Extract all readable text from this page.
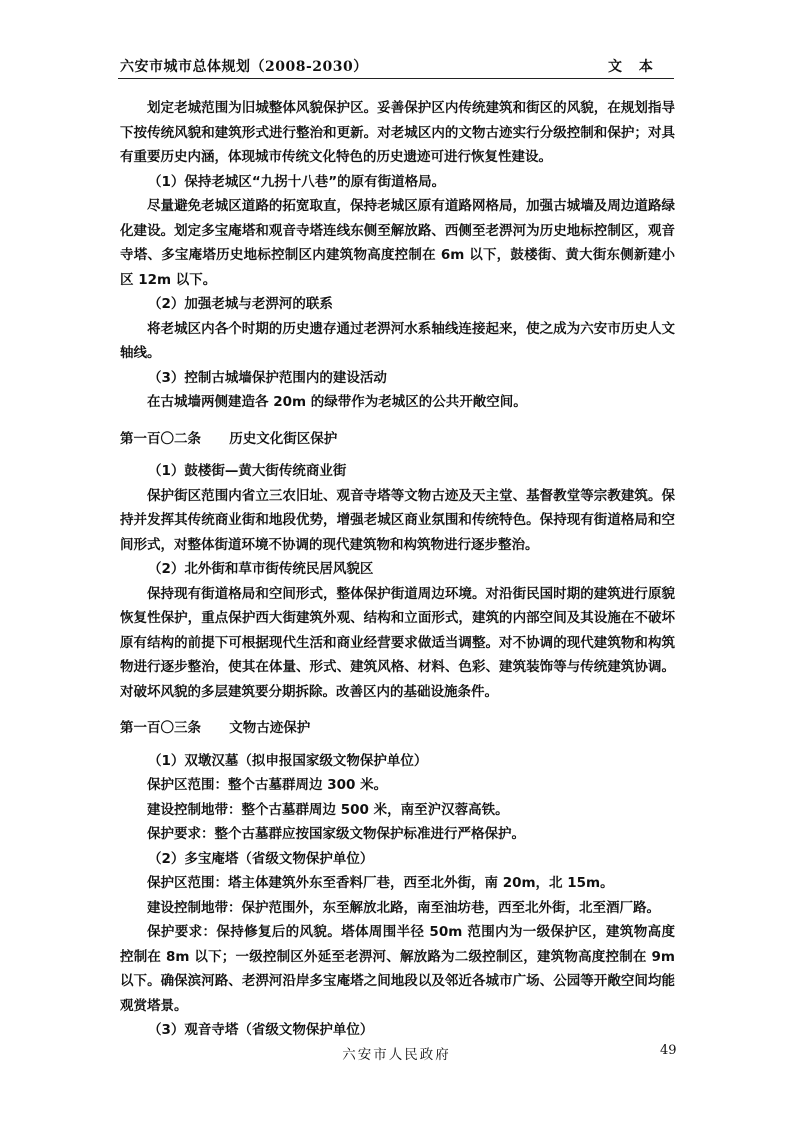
六安市城市总体规划（2008-2030）	文 本

划定老城范围为旧城整体风貌保护区。妥善保护区内传统建筑和街区的风貌，在规划指导下按传统风貌和建筑形式进行整治和更新。对老城区内的文物古迹实行分级控制和保护；对具有重要历史内涵，体现城市传统文化特色的历史遗迹可进行恢复性建设。

（1）保持老城区“九拐十八巷”的原有街道格局。

尽量避免老城区道路的拓宽取直，保持老城区原有道路网格局，加强古城墙及周边道路绿化建设。划定多宝庵塔和观音寺塔连线东侧至解放路、西侧至老淠河为历史地标控制区，观音寺塔、多宝庵塔历史地标控制区内建筑物高度控制在 6m 以下，鼓楼街、黄大街东侧新建小区 12m 以下。

（2）加强老城与老淠河的联系

将老城区内各个时期的历史遗存通过老淠河水系轴线连接起来，使之成为六安市历史人文轴线。

（3）控制古城墙保护范围内的建设活动

在古城墙两侧建造各 20m 的绿带作为老城区的公共开敞空间。

第一百〇二条      历史文化街区保护

（1）鼓楼街—黄大街传统商业街

保护街区范围内省立三农旧址、观音寺塔等文物古迹及天主堂、基督教堂等宗教建筑。保持并发挥其传统商业街和地段优势，增强老城区商业氛围和传统特色。保持现有街道格局和空间形式，对整体街道环境不协调的现代建筑物和构筑物进行逐步整治。

（2）北外街和草市街传统民居风貌区

保持现有街道格局和空间形式，整体保护街道周边环境。对沿街民国时期的建筑进行原貌恢复性保护，重点保护西大街建筑外观、结构和立面形式，建筑的内部空间及其设施在不破坏原有结构的前提下可根据现代生活和商业经营要求做适当调整。对不协调的现代建筑物和构筑物进行逐步整治，使其在体量、形式、建筑风格、材料、色彩、建筑装饰等与传统建筑协调。对破坏风貌的多层建筑要分期拆除。改善区内的基础设施条件。

第一百〇三条      文物古迹保护

（1）双墩汉墓（拟申报国家级文物保护单位）

保护区范围：整个古墓群周边 300 米。

建设控制地带：整个古墓群周边 500 米，南至沪汉蓉高铁。

保护要求：整个古墓群应按国家级文物保护标准进行严格保护。

（2）多宝庵塔（省级文物保护单位）

保护区范围：塔主体建筑外东至香料厂巷，西至北外街，南 20m，北 15m。

建设控制地带：保护范围外，东至解放北路，南至油坊巷，西至北外街，北至酒厂路。

保护要求：保持修复后的风貌。塔体周围半径 50m 范围内为一级保护区，建筑物高度控制在 8m 以下；一级控制区外延至老淠河、解放路为二级控制区，建筑物高度控制在 9m 以下。确保滨河路、老淠河沿岸多宝庵塔之间地段以及邻近各城市广场、公园等开敞空间均能观赏塔景。

（3）观音寺塔（省级文物保护单位）

六安市人民政府	49
